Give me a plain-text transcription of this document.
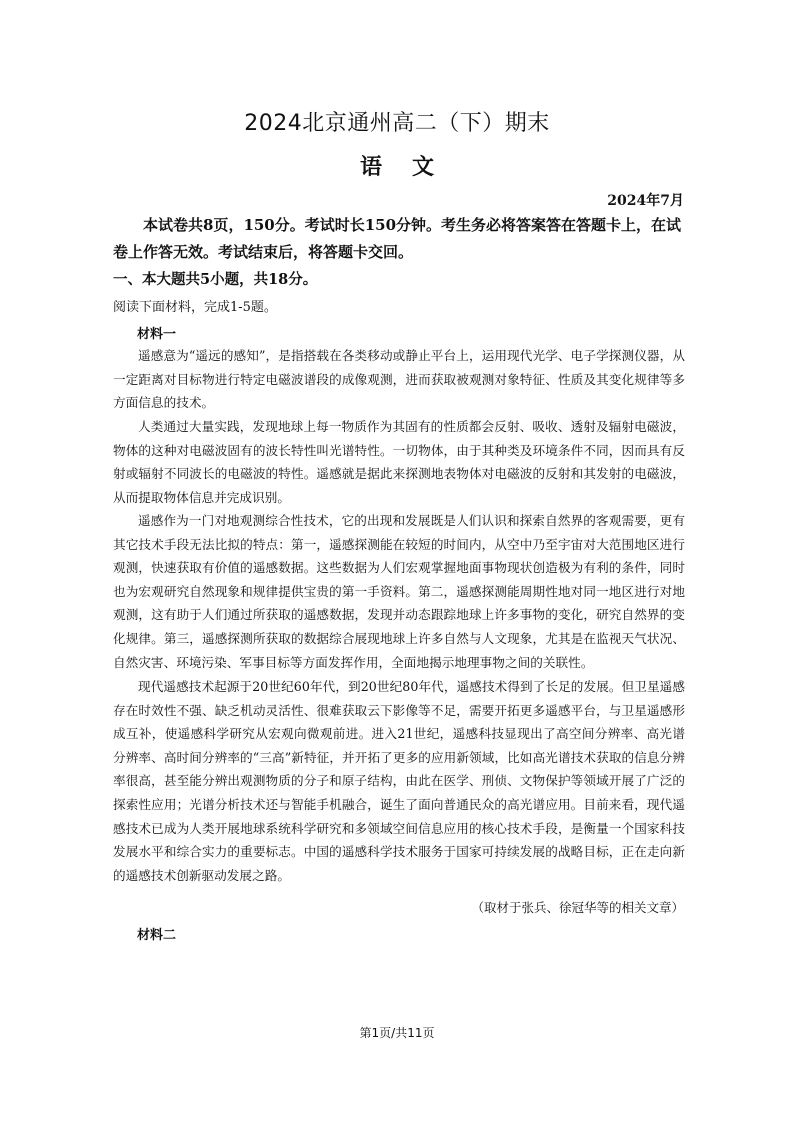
2024北京通州高二（下）期末
语文
2024年7月

本试卷共8页，150分。考试时长150分钟。考生务必将答案答在答题卡上，在试卷上作答无效。考试结束后，将答题卡交回。

一、本大题共5小题，共18分。

阅读下面材料，完成1-5题。

材料一

遥感意为“遥远的感知”，是指搭载在各类移动或静止平台上，运用现代光学、电子学探测仪器，从一定距离对目标物进行特定电磁波谱段的成像观测，进而获取被观测对象特征、性质及其变化规律等多方面信息的技术。

人类通过大量实践，发现地球上每一物质作为其固有的性质都会反射、吸收、透射及辐射电磁波，物体的这种对电磁波固有的波长特性叫光谱特性。一切物体，由于其种类及环境条件不同，因而具有反射或辐射不同波长的电磁波的特性。遥感就是据此来探测地表物体对电磁波的反射和其发射的电磁波，从而提取物体信息并完成识别。

遥感作为一门对地观测综合性技术，它的出现和发展既是人们认识和探索自然界的客观需要，更有其它技术手段无法比拟的特点：第一，遥感探测能在较短的时间内，从空中乃至宇宙对大范围地区进行观测，快速获取有价值的遥感数据。这些数据为人们宏观掌握地面事物现状创造极为有利的条件，同时也为宏观研究自然现象和规律提供宝贵的第一手资料。第二，遥感探测能周期性地对同一地区进行对地观测，这有助于人们通过所获取的遥感数据，发现并动态跟踪地球上许多事物的变化，研究自然界的变化规律。第三，遥感探测所获取的数据综合展现地球上许多自然与人文现象，尤其是在监视天气状况、自然灾害、环境污染、军事目标等方面发挥作用，全面地揭示地理事物之间的关联性。

现代遥感技术起源于20世纪60年代，到20世纪80年代，遥感技术得到了长足的发展。但卫星遥感存在时效性不强、缺乏机动灵活性、很难获取云下影像等不足，需要开拓更多遥感平台，与卫星遥感形成互补，使遥感科学研究从宏观向微观前进。进入21世纪，遥感科技显现出了高空间分辨率、高光谱分辨率、高时间分辨率的“三高”新特征，并开拓了更多的应用新领域，比如高光谱技术获取的信息分辨率很高，甚至能分辨出观测物质的分子和原子结构，由此在医学、刑侦、文物保护等领域开展了广泛的探索性应用；光谱分析技术还与智能手机融合，诞生了面向普通民众的高光谱应用。目前来看，现代遥感技术已成为人类开展地球系统科学研究和多领域空间信息应用的核心技术手段，是衡量一个国家科技发展水平和综合实力的重要标志。中国的遥感科学技术服务于国家可持续发展的战略目标，正在走向新的遥感技术创新驱动发展之路。

（取材于张兵、徐冠华等的相关文章）

材料二

第1页/共11页
